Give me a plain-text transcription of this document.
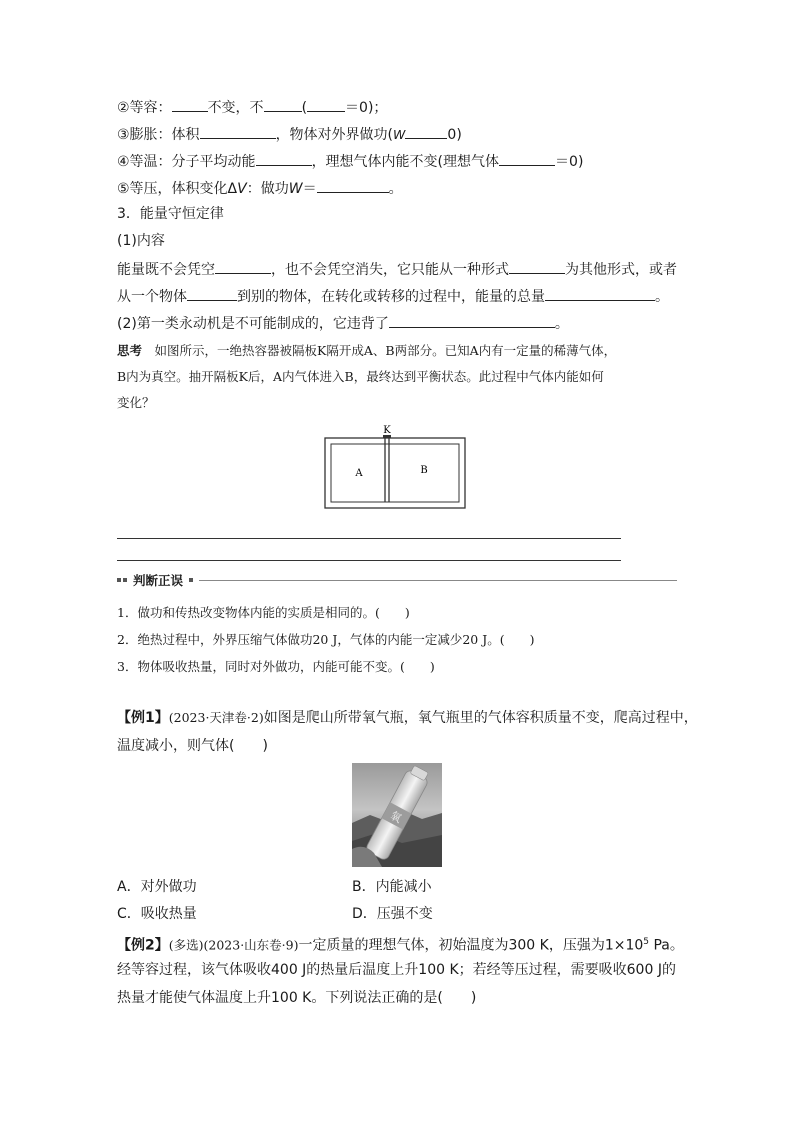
②等容：	不变，不	(	＝0)；
③膨胀：体积	，物体对外界做功(W	0)
④等温：分子平均动能	，理想气体内能不变(理想气体	＝0)
⑤等压，体积变化ΔV：做功W＝	。
3．能量守恒定律
(1)内容
能量既不会凭空	，也不会凭空消失，它只能从一种形式	为其他形式，或者
从一个物体	到别的物体，在转化或转移的过程中，能量的总量	。
(2)第一类永动机是不可能制成的，它违背了	。
思考　 如图所示，一绝热容器被隔板K隔开成A、B两部分。已知A内有一定量的稀薄气体，
B内为真空。抽开隔板K后，A内气体进入B，最终达到平衡状态。此过程中气体内能如何
变化？
K
A	B
判断正误
1．做功和传热改变物体内能的实质是相同的。(　　)
2．绝热过程中，外界压缩气体做功20 J，气体的内能一定减少20 J。(　　)
3．物体吸收热量，同时对外做功，内能可能不变。(　　)
【例1】(2023·天津卷·2)如图是爬山所带氧气瓶，氧气瓶里的气体容积质量不变，爬高过程中，
温度减小，则气体(　　)
氧
A．对外做功	B．内能减小
C．吸收热量	D．压强不变
【例2】(多选)(2023·山东卷·9)一定质量的理想气体，初始温度为300 K，压强为$1\times 10^5$ Pa。
经等容过程，该气体吸收400 J的热量后温度上升100 K；若经等压过程，需要吸收600 J的
热量才能使气体温度上升100 K。下列说法正确的是(　　)
